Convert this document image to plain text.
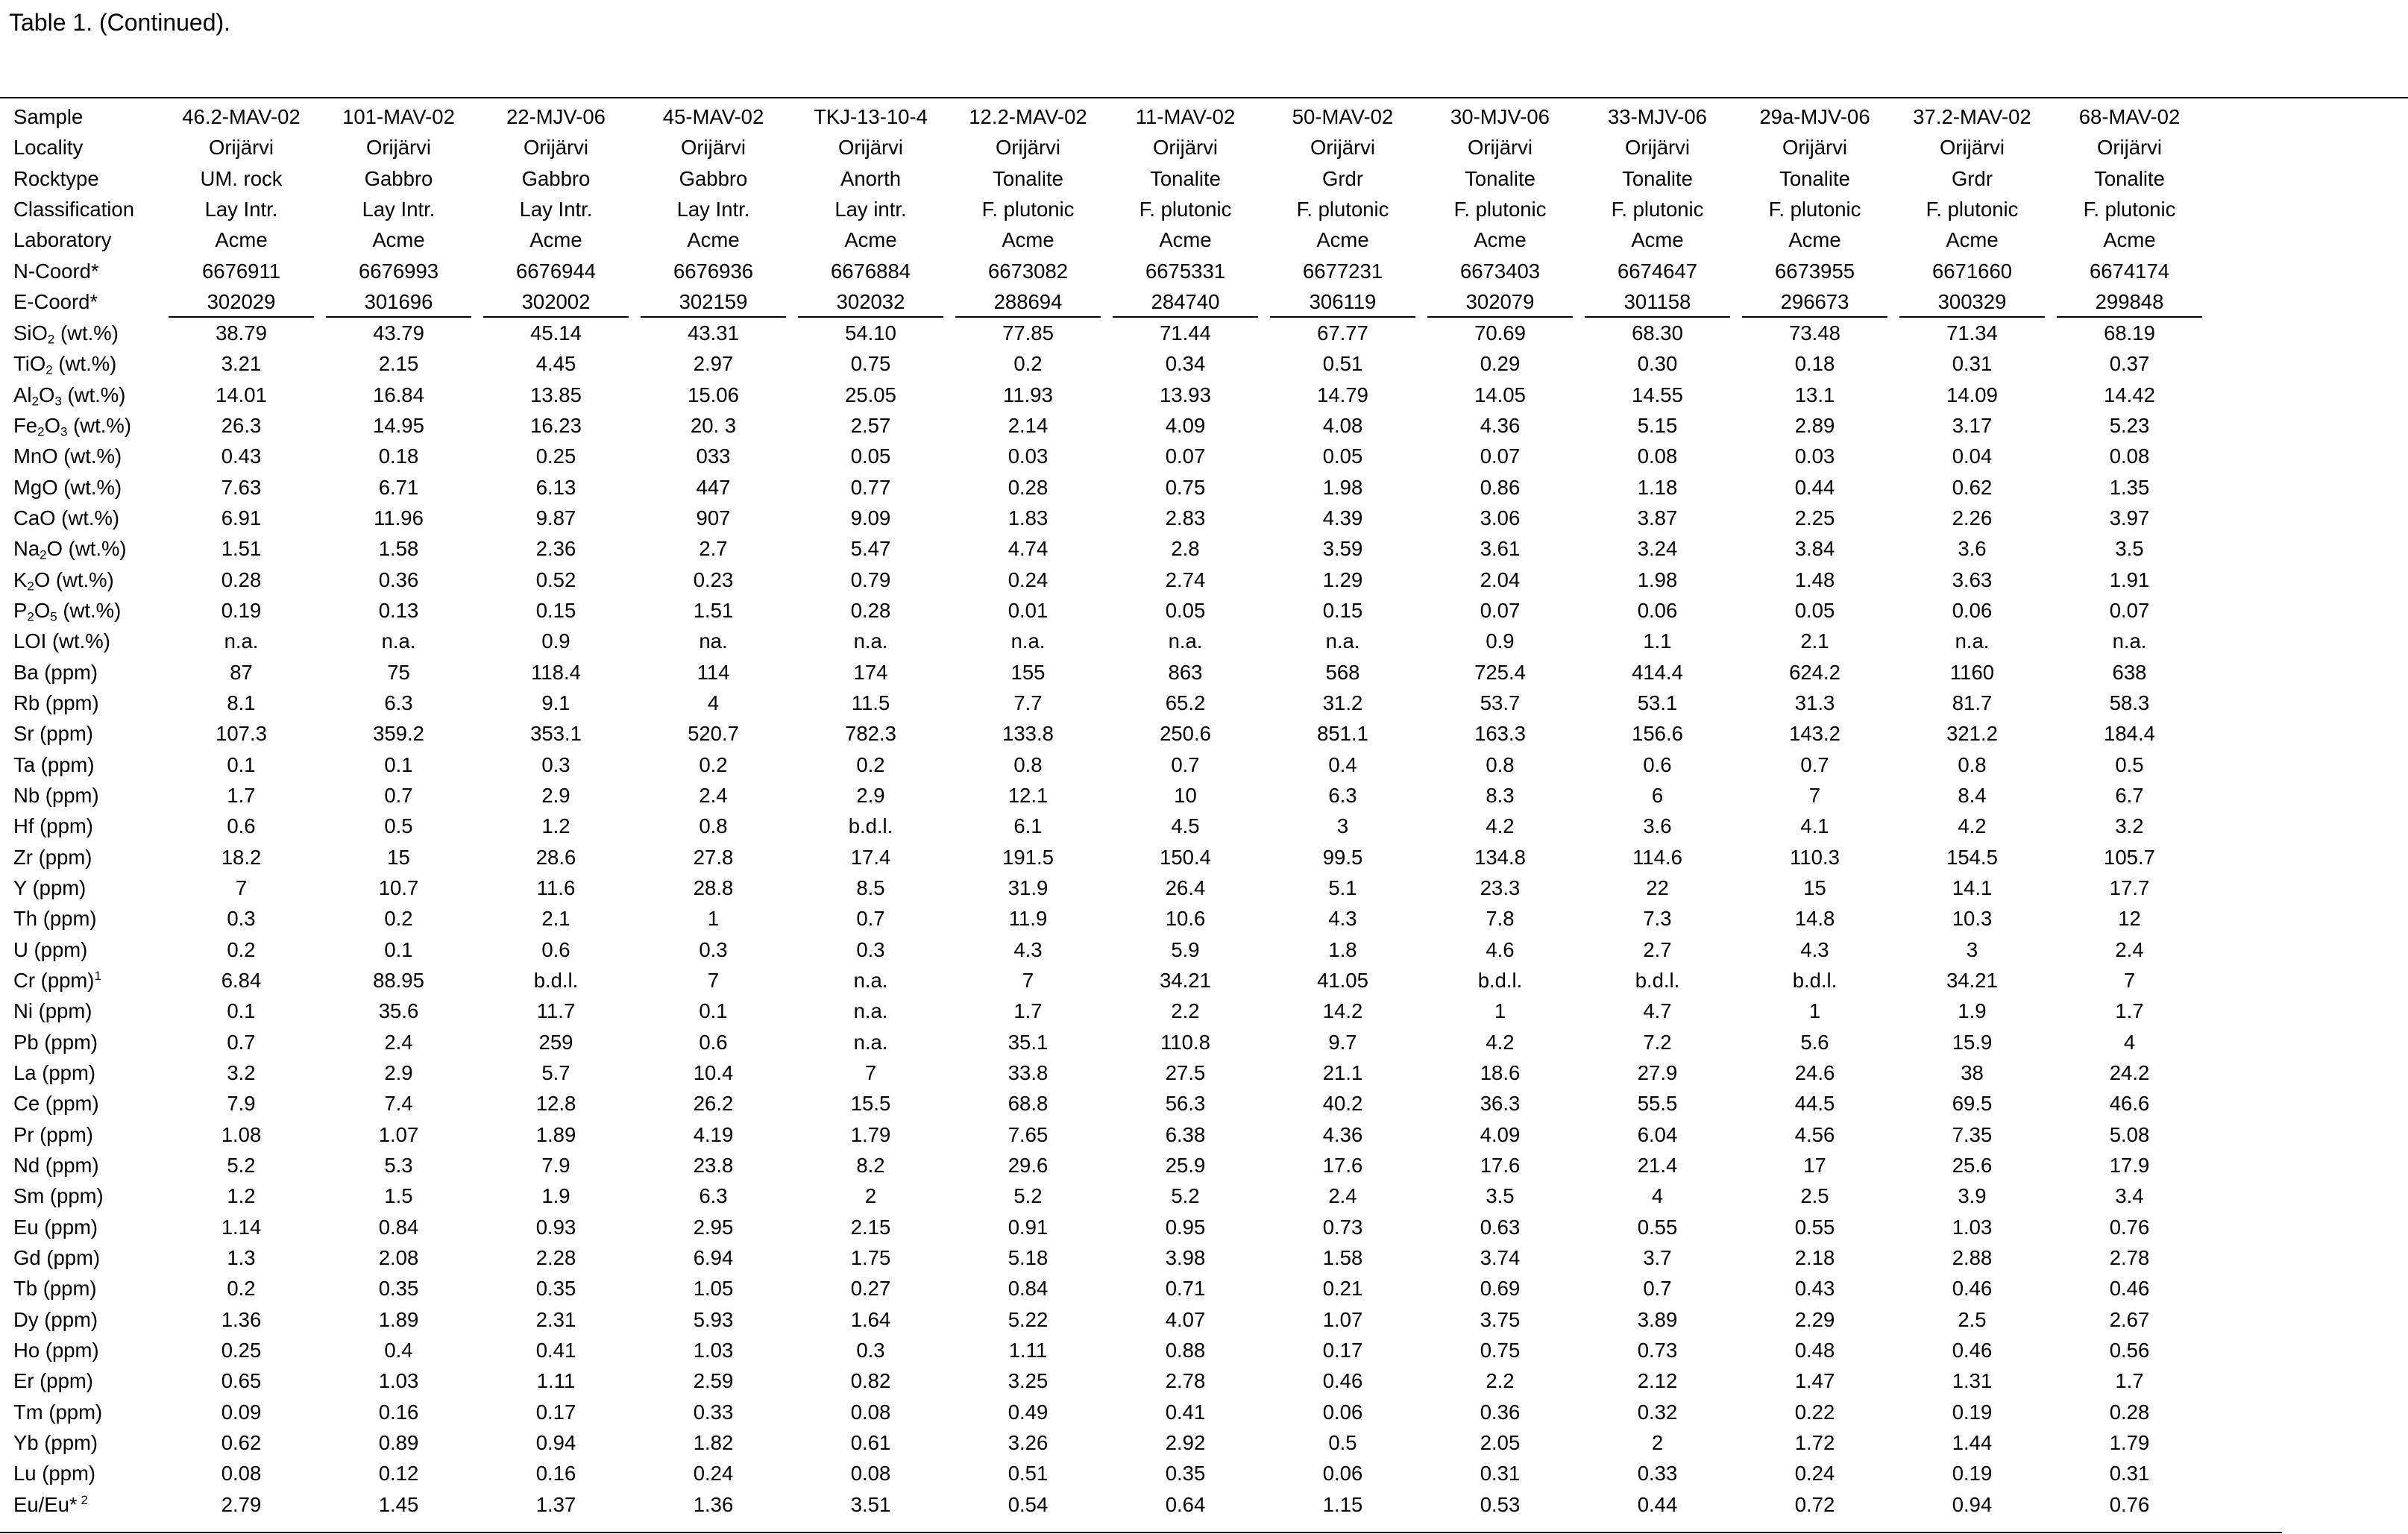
Table 1. (Continued).
Sample	46.2-MAV-02	101-MAV-02	22-MJV-06	45-MAV-02	TKJ-13-10-4	12.2-MAV-02	11-MAV-02	50-MAV-02	30-MJV-06	33-MJV-06	29a-MJV-06	37.2-MAV-02	68-MAV-02
Locality	Orijärvi	Orijärvi	Orijärvi	Orijärvi	Orijärvi	Orijärvi	Orijärvi	Orijärvi	Orijärvi	Orijärvi	Orijärvi	Orijärvi	Orijärvi
Rocktype	UM. rock	Gabbro	Gabbro	Gabbro	Anorth	Tonalite	Tonalite	Grdr	Tonalite	Tonalite	Tonalite	Grdr	Tonalite
Classification	Lay Intr.	Lay Intr.	Lay Intr.	Lay Intr.	Lay intr.	F. plutonic	F. plutonic	F. plutonic	F. plutonic	F. plutonic	F. plutonic	F. plutonic	F. plutonic
Laboratory	Acme	Acme	Acme	Acme	Acme	Acme	Acme	Acme	Acme	Acme	Acme	Acme	Acme
N-Coord*	6676911	6676993	6676944	6676936	6676884	6673082	6675331	6677231	6673403	6674647	6673955	6671660	6674174
E-Coord*	302029	301696	302002	302159	302032	288694	284740	306119	302079	301158	296673	300329	299848
SiO$_2$ (wt.%)	38.79	43.79	45.14	43.31	54.10	77.85	71.44	67.77	70.69	68.30	73.48	71.34	68.19
TiO$_2$ (wt.%)	3.21	2.15	4.45	2.97	0.75	0.2	0.34	0.51	0.29	0.30	0.18	0.31	0.37
$Al_2O_3$ (wt.%)	14.01	16.84	13.85	15.06	25.05	11.93	13.93	14.79	14.05	14.55	13.1	14.09	14.42
$Fe_2O_3$ (wt.%)	26.3	14.95	16.23	20. 3	2.57	2.14	4.09	4.08	4.36	5.15	2.89	3.17	5.23
MnO (wt.%)	0.43	0.18	0.25	033	0.05	0.03	0.07	0.05	0.07	0.08	0.03	0.04	0.08
MgO (wt.%)	7.63	6.71	6.13	447	0.77	0.28	0.75	1.98	0.86	1.18	0.44	0.62	1.35
CaO (wt.%)	6.91	11.96	9.87	907	9.09	1.83	2.83	4.39	3.06	3.87	2.25	2.26	3.97
$Na_2O$ (wt.%)	1.51	1.58	2.36	2.7	5.47	4.74	2.8	3.59	3.61	3.24	3.84	3.6	3.5
$K_2O$ (wt.%)	0.28	0.36	0.52	0.23	0.79	0.24	2.74	1.29	2.04	1.98	1.48	3.63	1.91
$P_2O_5$ (wt.%)	0.19	0.13	0.15	1.51	0.28	0.01	0.05	0.15	0.07	0.06	0.05	0.06	0.07
LOI (wt.%)	n.a.	n.a.	0.9	na.	n.a.	n.a.	n.a.	n.a.	0.9	1.1	2.1	n.a.	n.a.
Ba (ppm)	87	75	118.4	114	174	155	863	568	725.4	414.4	624.2	1160	638
Rb (ppm)	8.1	6.3	9.1	4	11.5	7.7	65.2	31.2	53.7	53.1	31.3	81.7	58.3
Sr (ppm)	107.3	359.2	353.1	520.7	782.3	133.8	250.6	851.1	163.3	156.6	143.2	321.2	184.4
Ta (ppm)	0.1	0.1	0.3	0.2	0.2	0.8	0.7	0.4	0.8	0.6	0.7	0.8	0.5
Nb (ppm)	1.7	0.7	2.9	2.4	2.9	12.1	10	6.3	8.3	6	7	8.4	6.7
Hf (ppm)	0.6	0.5	1.2	0.8	b.d.l.	6.1	4.5	3	4.2	3.6	4.1	4.2	3.2
Zr (ppm)	18.2	15	28.6	27.8	17.4	191.5	150.4	99.5	134.8	114.6	110.3	154.5	105.7
Y (ppm)	7	10.7	11.6	28.8	8.5	31.9	26.4	5.1	23.3	22	15	14.1	17.7
Th (ppm)	0.3	0.2	2.1	1	0.7	11.9	10.6	4.3	7.8	7.3	14.8	10.3	12
U (ppm)	0.2	0.1	0.6	0.3	0.3	4.3	5.9	1.8	4.6	2.7	4.3	3	2.4
Cr (ppm)$^1$	6.84	88.95	b.d.l.	7	n.a.	7	34.21	41.05	b.d.l.	b.d.l.	b.d.l.	34.21	7
Ni (ppm)	0.1	35.6	11.7	0.1	n.a.	1.7	2.2	14.2	1	4.7	1	1.9	1.7
Pb (ppm)	0.7	2.4	259	0.6	n.a.	35.1	110.8	9.7	4.2	7.2	5.6	15.9	4
La (ppm)	3.2	2.9	5.7	10.4	7	33.8	27.5	21.1	18.6	27.9	24.6	38	24.2
Ce (ppm)	7.9	7.4	12.8	26.2	15.5	68.8	56.3	40.2	36.3	55.5	44.5	69.5	46.6
Pr (ppm)	1.08	1.07	1.89	4.19	1.79	7.65	6.38	4.36	4.09	6.04	4.56	7.35	5.08
Nd (ppm)	5.2	5.3	7.9	23.8	8.2	29.6	25.9	17.6	17.6	21.4	17	25.6	17.9
Sm (ppm)	1.2	1.5	1.9	6.3	2	5.2	5.2	2.4	3.5	4	2.5	3.9	3.4
Eu (ppm)	1.14	0.84	0.93	2.95	2.15	0.91	0.95	0.73	0.63	0.55	0.55	1.03	0.76
Gd (ppm)	1.3	2.08	2.28	6.94	1.75	5.18	3.98	1.58	3.74	3.7	2.18	2.88	2.78
Tb (ppm)	0.2	0.35	0.35	1.05	0.27	0.84	0.71	0.21	0.69	0.7	0.43	0.46	0.46
Dy (ppm)	1.36	1.89	2.31	5.93	1.64	5.22	4.07	1.07	3.75	3.89	2.29	2.5	2.67
Ho (ppm)	0.25	0.4	0.41	1.03	0.3	1.11	0.88	0.17	0.75	0.73	0.48	0.46	0.56
Er (ppm)	0.65	1.03	1.11	2.59	0.82	3.25	2.78	0.46	2.2	2.12	1.47	1.31	1.7
Tm (ppm)	0.09	0.16	0.17	0.33	0.08	0.49	0.41	0.06	0.36	0.32	0.22	0.19	0.28
Yb (ppm)	0.62	0.89	0.94	1.82	0.61	3.26	2.92	0.5	2.05	2	1.72	1.44	1.79
Lu (ppm)	0.08	0.12	0.16	0.24	0.08	0.51	0.35	0.06	0.31	0.33	0.24	0.19	0.31
Eu/Eu* $^2$	2.79	1.45	1.37	1.36	3.51	0.54	0.64	1.15	0.53	0.44	0.72	0.94	0.76
